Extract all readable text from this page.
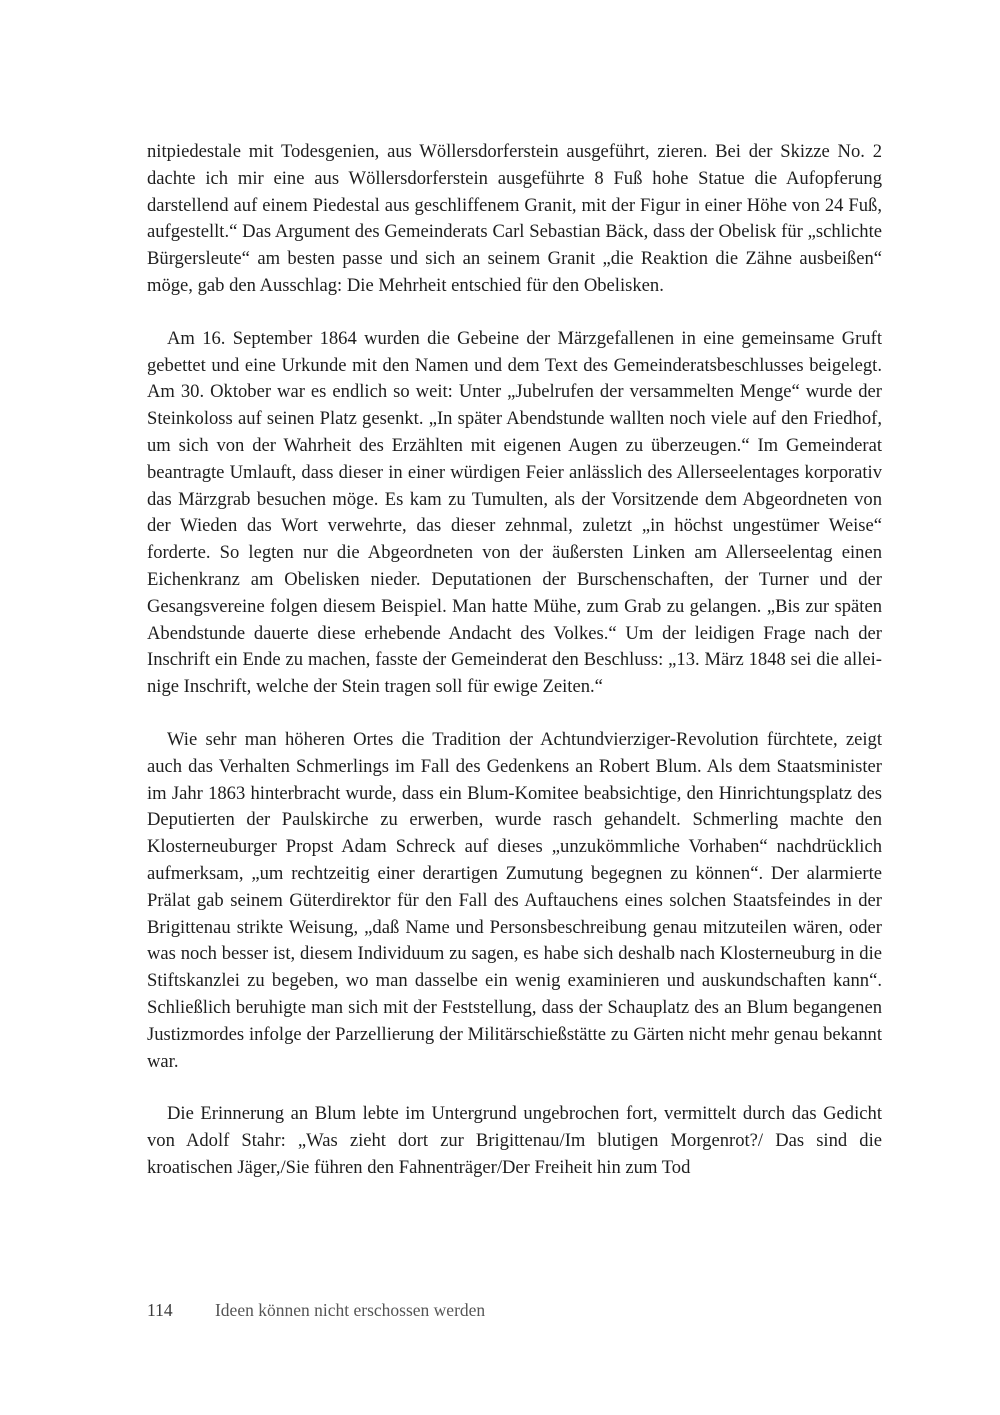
nitpiedestale mit Todesgenien, aus Wöllersdorferstein ausgeführt, zieren. Bei der Skizze No. 2 dachte ich mir eine aus Wöllersdorferstein ausgeführte 8 Fuß hohe Statue die Aufopferung darstellend auf einem Piedestal aus geschliffenem Granit, mit der Figur in einer Höhe von 24 Fuß, aufgestellt.“ Das Argument des Gemeinderats Carl Sebastian Bäck, dass der Obelisk für „schlichte Bürgersleute“ am besten passe und sich an seinem Granit „die Reaktion die Zähne ausbeißen“ möge, gab den Ausschlag: Die Mehrheit entschied für den Obelisken.

Am 16. September 1864 wurden die Gebeine der Märzgefallenen in eine gemeinsame Gruft gebettet und eine Urkunde mit den Namen und dem Text des Gemeinderatsbeschlusses beigelegt. Am 30. Oktober war es endlich so weit: Unter „Jubelrufen der versammelten Menge“ wurde der Steinkoloss auf seinen Platz gesenkt. „In später Abendstunde wallten noch viele auf den Friedhof, um sich von der Wahrheit des Erzählten mit eigenen Augen zu überzeugen.“ Im Gemeinderat beantragte Umlauft, dass dieser in einer würdigen Feier anlässlich des Allerseelentages korporativ das Märzgrab besuchen möge. Es kam zu Tumulten, als der Vorsitzende dem Abgeordneten von der Wieden das Wort verwehrte, das dieser zehnmal, zuletzt „in höchst ungestümer Weise“ forderte. So legten nur die Abgeordneten von der äußersten Linken am Allerseelentag einen Eichenkranz am Obelisken nieder. Deputationen der Burschenschaften, der Turner und der Gesangsvereine folgen diesem Beispiel. Man hatte Mühe, zum Grab zu gelangen. „Bis zur späten Abendstunde dauerte diese erhebende Andacht des Volkes.“ Um der leidigen Frage nach der Inschrift ein Ende zu machen, fasste der Gemeinderat den Beschluss: „13. März 1848 sei die alleinige Inschrift, welche der Stein tragen soll für ewige Zeiten.“

Wie sehr man höheren Ortes die Tradition der Achtundvierziger-Revolution fürchtete, zeigt auch das Verhalten Schmerlings im Fall des Gedenkens an Robert Blum. Als dem Staatsminister im Jahr 1863 hinterbracht wurde, dass ein Blum-Komitee beabsichtige, den Hinrichtungsplatz des Deputierten der Paulskirche zu erwerben, wurde rasch gehandelt. Schmerling machte den Klosterneuburger Propst Adam Schreck auf dieses „unzukömmliche Vorhaben“ nachdrücklich aufmerksam, „um rechtzeitig einer derartigen Zumutung begegnen zu können“. Der alarmierte Prälat gab seinem Güterdirektor für den Fall des Auftauchens eines solchen Staatsfeindes in der Brigittenau strikte Weisung, „daß Name und Personsbeschreibung genau mitzuteilen wären, oder was noch besser ist, diesem Individuum zu sagen, es habe sich deshalb nach Klosterneuburg in die Stiftskanzlei zu begeben, wo man dasselbe ein wenig examinieren und auskundschaften kann“. Schließlich beruhigte man sich mit der Feststellung, dass der Schauplatz des an Blum begangenen Justizmordes infolge der Parzellierung der Militärschießstätte zu Gärten nicht mehr genau bekannt war.

Die Erinnerung an Blum lebte im Untergrund ungebrochen fort, vermittelt durch das Gedicht von Adolf Stahr: „Was zieht dort zur Brigittenau/Im blutigen Morgenrot?/ Das sind die kroatischen Jäger,/Sie führen den Fahnenträger/Der Freiheit hin zum Tod

114 Ideen können nicht erschossen werden
